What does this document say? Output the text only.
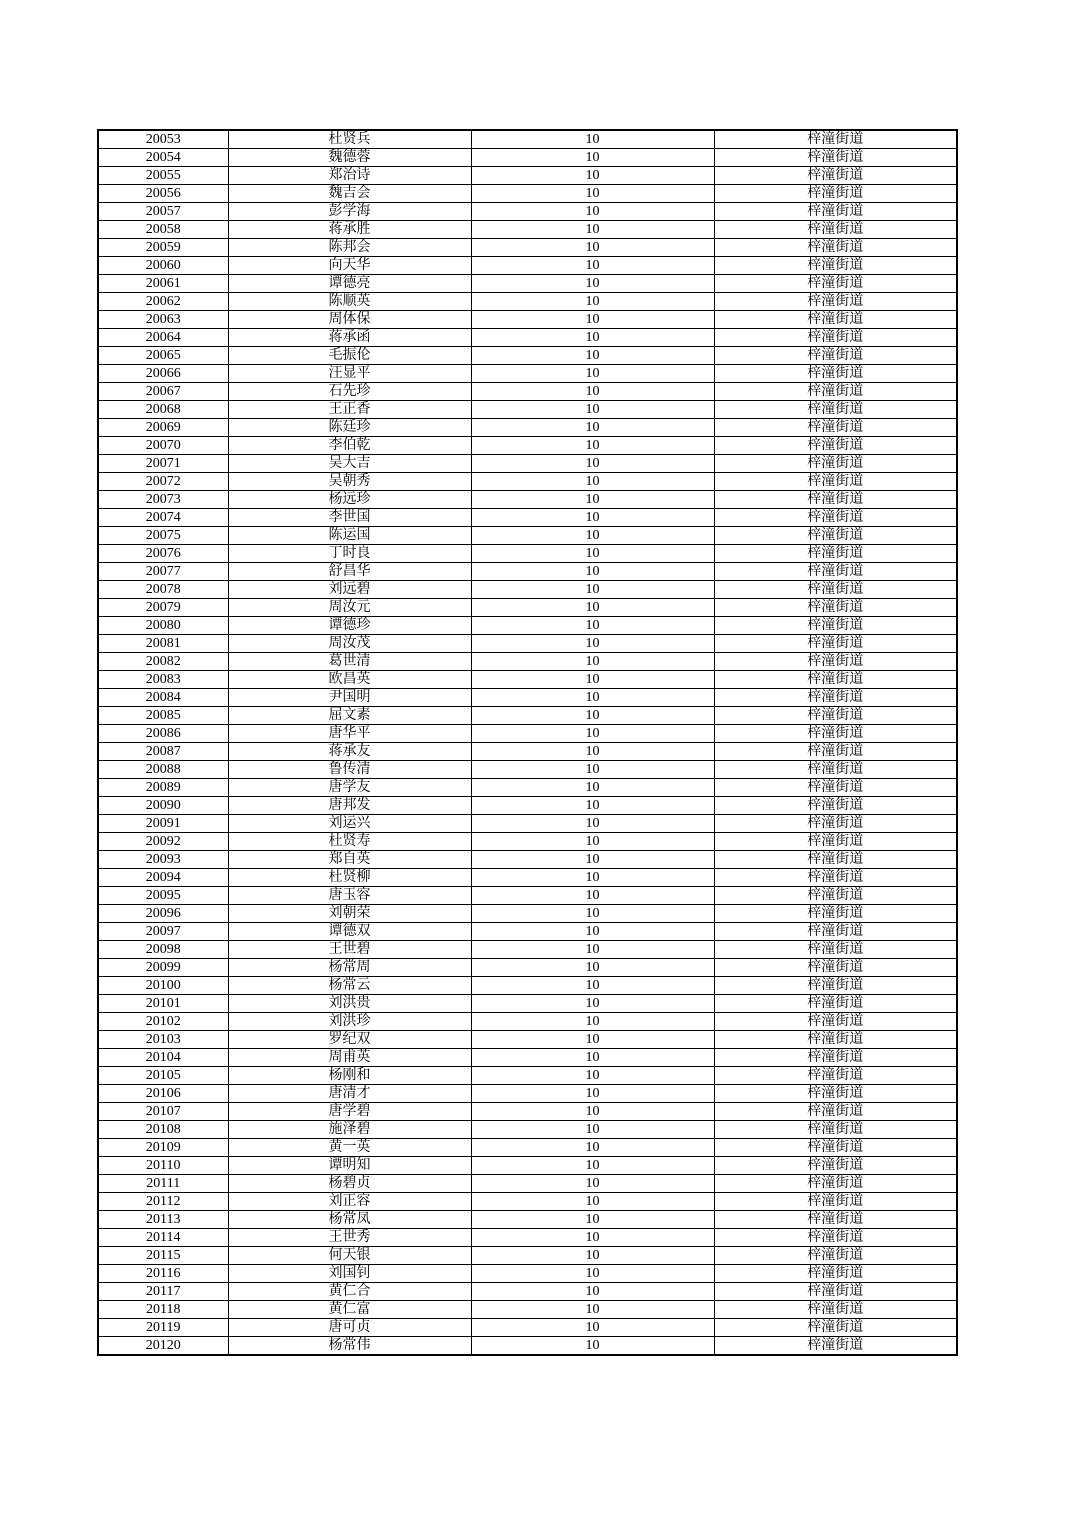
20053	杜贤兵	10	梓潼街道
20054	魏德蓉	10	梓潼街道
20055	郑治诗	10	梓潼街道
20056	魏吉会	10	梓潼街道
20057	彭学海	10	梓潼街道
20058	蒋承胜	10	梓潼街道
20059	陈邦会	10	梓潼街道
20060	向天华	10	梓潼街道
20061	谭德亮	10	梓潼街道
20062	陈顺英	10	梓潼街道
20063	周体保	10	梓潼街道
20064	蒋承函	10	梓潼街道
20065	毛振伦	10	梓潼街道
20066	汪显平	10	梓潼街道
20067	石先珍	10	梓潼街道
20068	王正香	10	梓潼街道
20069	陈廷珍	10	梓潼街道
20070	李伯乾	10	梓潼街道
20071	吴大吉	10	梓潼街道
20072	吴朝秀	10	梓潼街道
20073	杨远珍	10	梓潼街道
20074	李世国	10	梓潼街道
20075	陈运国	10	梓潼街道
20076	丁时良	10	梓潼街道
20077	舒昌华	10	梓潼街道
20078	刘远碧	10	梓潼街道
20079	周汝元	10	梓潼街道
20080	谭德珍	10	梓潼街道
20081	周汝茂	10	梓潼街道
20082	葛世清	10	梓潼街道
20083	欧昌英	10	梓潼街道
20084	尹国明	10	梓潼街道
20085	屈文素	10	梓潼街道
20086	唐华平	10	梓潼街道
20087	蒋承友	10	梓潼街道
20088	鲁传清	10	梓潼街道
20089	唐学友	10	梓潼街道
20090	唐邦发	10	梓潼街道
20091	刘运兴	10	梓潼街道
20092	杜贤寿	10	梓潼街道
20093	郑自英	10	梓潼街道
20094	杜贤柳	10	梓潼街道
20095	唐玉容	10	梓潼街道
20096	刘朝荣	10	梓潼街道
20097	谭德双	10	梓潼街道
20098	王世碧	10	梓潼街道
20099	杨常周	10	梓潼街道
20100	杨常云	10	梓潼街道
20101	刘洪贵	10	梓潼街道
20102	刘洪珍	10	梓潼街道
20103	罗纪双	10	梓潼街道
20104	周甫英	10	梓潼街道
20105	杨刚和	10	梓潼街道
20106	唐清才	10	梓潼街道
20107	唐学碧	10	梓潼街道
20108	施泽碧	10	梓潼街道
20109	黄一英	10	梓潼街道
20110	谭明知	10	梓潼街道
20111	杨碧贞	10	梓潼街道
20112	刘正容	10	梓潼街道
20113	杨常凤	10	梓潼街道
20114	王世秀	10	梓潼街道
20115	何天银	10	梓潼街道
20116	刘国钊	10	梓潼街道
20117	黄仁合	10	梓潼街道
20118	黄仁富	10	梓潼街道
20119	唐可贞	10	梓潼街道
20120	杨常伟	10	梓潼街道
